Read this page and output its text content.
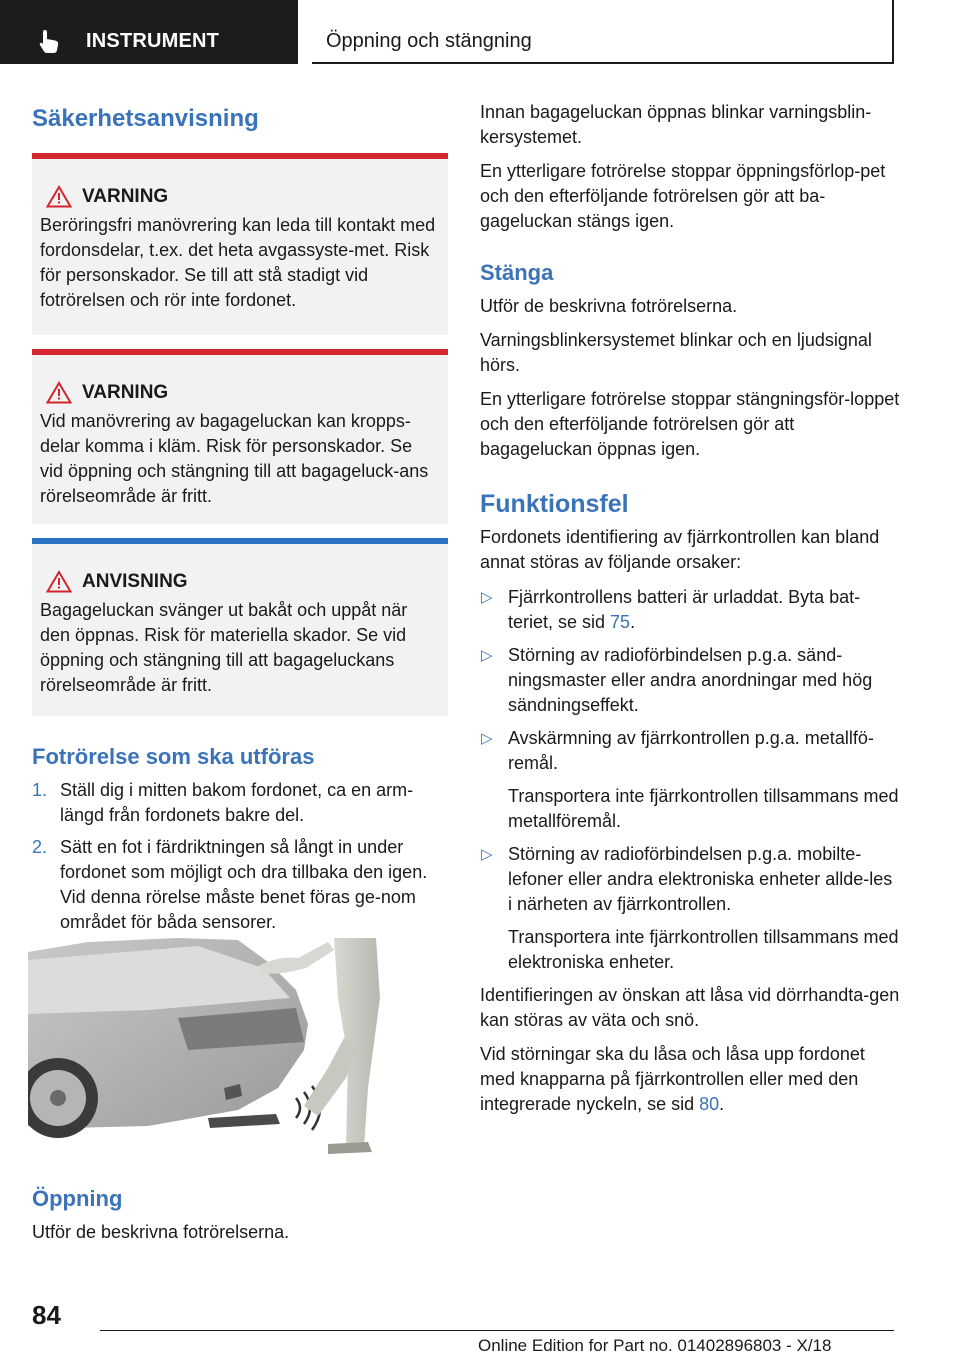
INSTRUMENT	Öppning och stängning
Säkerhetsanvisning
VARNING

Beröringsfri manövrering kan leda till kontakt med fordonsdelar, t.ex. det heta avgassyste-met. Risk för personskador. Se till att stå stadigt vid fotrörelsen och rör inte fordonet.

VARNING

Vid manövrering av bagageluckan kan kropps-delar komma i kläm. Risk för personskador. Se vid öppning och stängning till att bagageluck-ans rörelseområde är fritt.

ANVISNING

Bagageluckan svänger ut bakåt och uppåt när den öppnas. Risk för materiella skador. Se vid öppning och stängning till att bagageluckans rörelseområde är fritt.

Fotrörelse som ska utföras
1. Ställ dig i mitten bakom fordonet, ca en arm-längd från fordonets bakre del.
2. Sätt en fot i färdriktningen så långt in under fordonet som möjligt och dra tillbaka den igen. Vid denna rörelse måste benet föras ge-nom området för båda sensorer.
Öppning

Utför de beskrivna fotrörelserna.

Innan bagageluckan öppnas blinkar varningsblin-kersystemet.

En ytterligare fotrörelse stoppar öppningsförlop-pet och den efterföljande fotrörelsen gör att ba-gageluckan stängs igen.

Stänga

Utför de beskrivna fotrörelserna.

Varningsblinkersystemet blinkar och en ljudsignal hörs.

En ytterligare fotrörelse stoppar stängningsför-loppet och den efterföljande fotrörelsen gör att bagageluckan öppnas igen.

Funktionsfel

Fordonets identifiering av fjärrkontrollen kan bland annat störas av följande orsaker:

▷ Fjärrkontrollens batteri är urladdat. Byta bat-teriet, se sid 75.
▷ Störning av radioförbindelsen p.g.a. sänd-ningsmaster eller andra anordningar med hög sändningseffekt.
▷ Avskärmning av fjärrkontrollen p.g.a. metallfö-remål.

Transportera inte fjärrkontrollen tillsammans med metallföremål.

▷ Störning av radioförbindelsen p.g.a. mobilte-lefoner eller andra elektroniska enheter allde-les i närheten av fjärrkontrollen.

Transportera inte fjärrkontrollen tillsammans med elektroniska enheter.

Identifieringen av önskan att låsa vid dörrhandta-gen kan störas av väta och snö.

Vid störningar ska du låsa och låsa upp fordonet med knapparna på fjärrkontrollen eller med den integrerade nyckeln, se sid 80.

84
Online Edition for Part no. 01402896803 - X/18
